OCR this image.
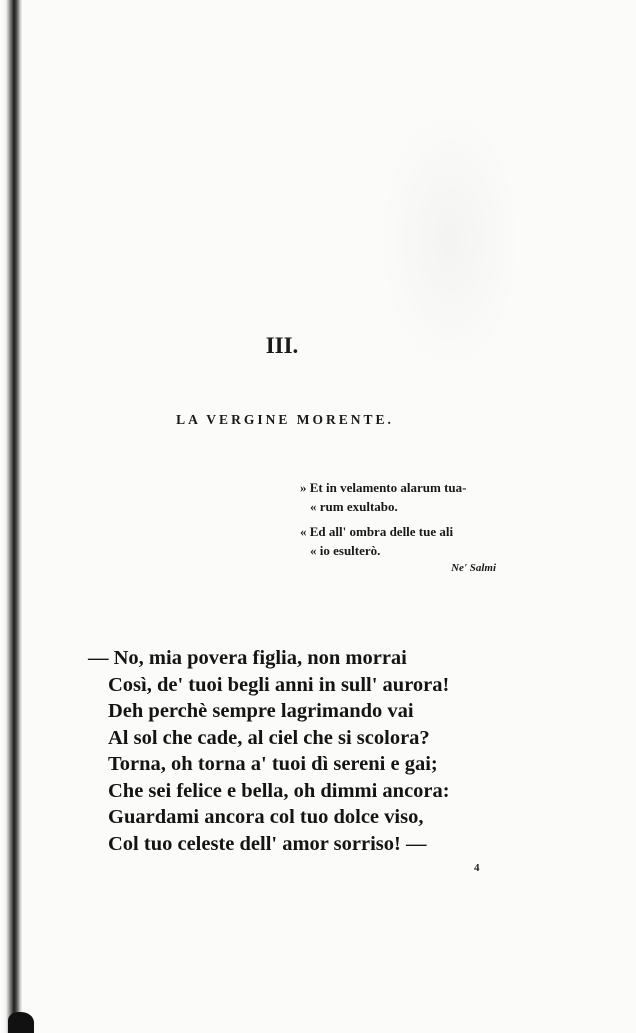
III.
LA VERGINE MORENTE.
» Et in velamento alarum tua-
« rum exultabo.
« Ed all' ombra delle tue ali
« io esulterò.
Ne' Salmi
— No, mia povera figlia, non morrai
Così, de' tuoi begli anni in sull' aurora!
Deh perchè sempre lagrimando vai
Al sol che cade, al ciel che si scolora?
Torna, oh torna a' tuoi dì sereni e gai;
Che sei felice e bella, oh dimmi ancora:
Guardami ancora col tuo dolce viso,
Col tuo celeste dell' amor sorriso! —
4
